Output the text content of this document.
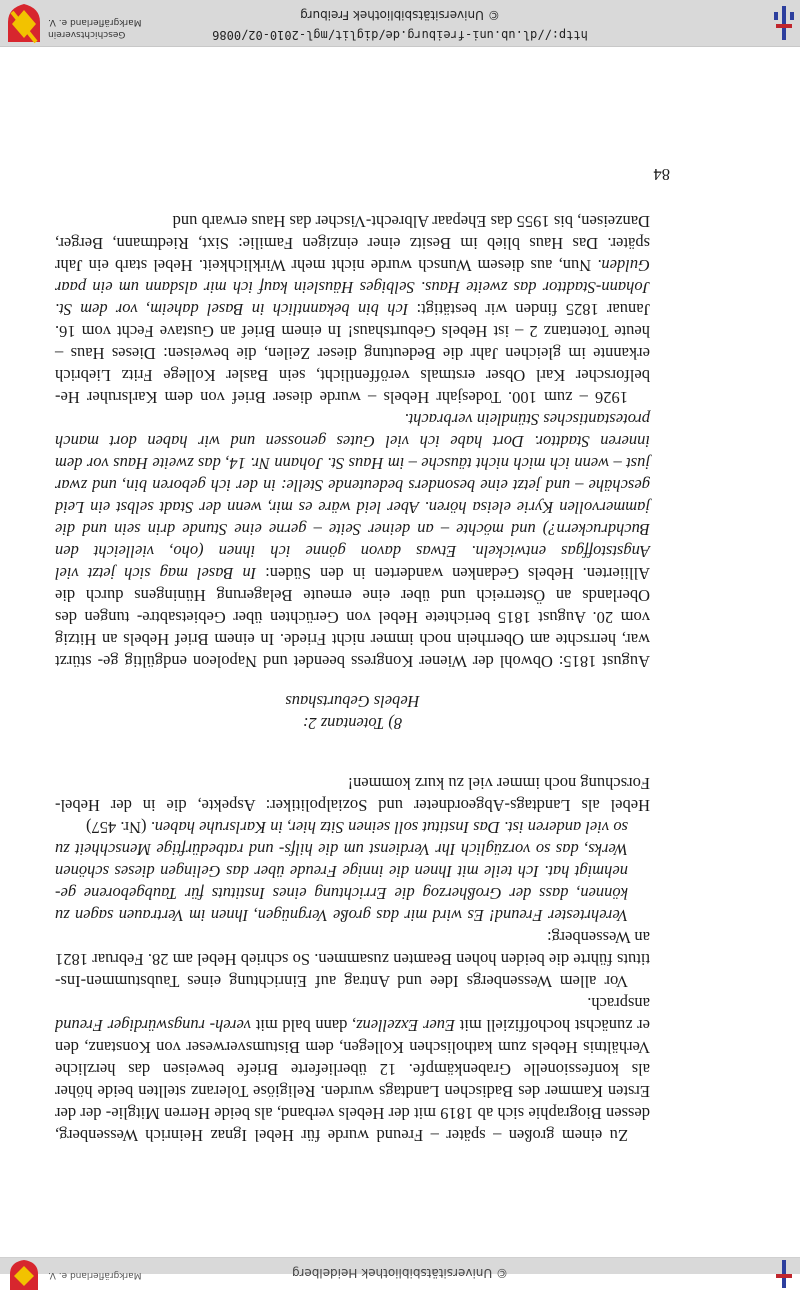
© Universitätsbibliothek Heidelberg
Markgräflerland e. V.

Zu einem großen – später – Freund wurde für Hebel Ignaz Heinrich Wessenberg, dessen Biographie sich ab 1819 mit der Hebels verband, als beide Herren Mitglie- der der Ersten Kammer des Badischen Landtags wurden. Religiöse Toleranz stellten beide höher als konfessionelle Grabenkämpfe. 12 überlieferte Briefe beweisen das herzliche Verhältnis Hebels zum katholischen Kollegen, dem Bistumsverweser von Konstanz, den er zunächst hochoffiziell mit Euer Exzellenz, dann bald mit vereh- rungswürdiger Freund ansprach.

Vor allem Wessenbergs Idee und Antrag auf Einrichtung eines Taubstummen-Ins- tituts führte die beiden hohen Beamten zusammen. So schrieb Hebel am 28. Februar 1821 an Wessenberg:

Verehrtester Freund! Es wird mir das große Vergnügen, Ihnen im Vertrauen sagen zu können, dass der Großherzog die Errichtung eines Instituts für Taubgeborene ge- nehmigt hat. Ich teile mit Ihnen die innige Freude über das Gelingen dieses schönen Werks, das so vorzüglich Ihr Verdienst um die hilfs- und ratbedürftige Menschheit zu so viel anderen ist. Das Institut soll seinen Sitz hier, in Karlsruhe haben. (Nr. 457)

Hebel als Landtags-Abgeordneter und Sozialpolitiker: Aspekte, die in der Hebel- Forschung noch immer viel zu kurz kommen!

8) Totentanz 2:
Hebels Geburtshaus

August 1815: Obwohl der Wiener Kongress beendet und Napoleon endgültig ge- stürzt war, herrschte am Oberrhein noch immer nicht Friede. In einem Brief Hebels an Hitzig vom 20. August 1815 berichtete Hebel von Gerüchten über Gebietsabtre- tungen des Oberlands an Österreich und über eine erneute Belagerung Hüningens durch die Alliierten. Hebels Gedanken wanderten in den Süden: In Basel mag sich jetzt viel Angststoffgas entwickeln. Etwas davon gönne ich ihnen (oho, vielleicht den Buchdruckern?) und möchte – an deiner Seite – gerne eine Stunde drin sein und die jammervollen Kyrie eleisa hören. Aber leid wäre es mir, wenn der Stadt selbst ein Leid geschähe – und jetzt eine besonders bedeutende Stelle: in der ich geboren bin, und zwar just – wenn ich mich nicht täusche – im Haus St. Johann Nr. 14, das zweite Haus vor dem inneren Stadttor. Dort habe ich viel Gutes genossen und wir haben dort manch protestantisches Stündlein verbracht.

1926 – zum 100. Todesjahr Hebels – wurde dieser Brief von dem Karlsruher He- belforscher Karl Obser erstmals veröffentlicht, sein Basler Kollege Fritz Liebrich erkannte im gleichen Jahr die Bedeutung dieser Zeilen, die beweisen: Dieses Haus – heute Totentanz 2 – ist Hebels Geburtshaus! In einem Brief an Gustave Fecht vom 16. Januar 1825 finden wir bestätigt: Ich bin bekanntlich in Basel daheim, vor dem St. Johann-Stadttor das zweite Haus. Selbiges Häuslein kauf ich mir alsdann um ein paar Gulden. Nun, aus diesem Wunsch wurde nicht mehr Wirklichkeit. Hebel starb ein Jahr später. Das Haus blieb im Besitz einer einzigen Familie: Sixt, Riedtmann, Berger, Danzeisen, bis 1955 das Ehepaar Albrecht-Vischer das Haus erwarb und

84
http://dl.ub.uni-freiburg.de/diglit/mgl-2010-02/0086
©Universitätsbibliothek Freiburg
Geschichtsverein
Markgräflerland e. V.
